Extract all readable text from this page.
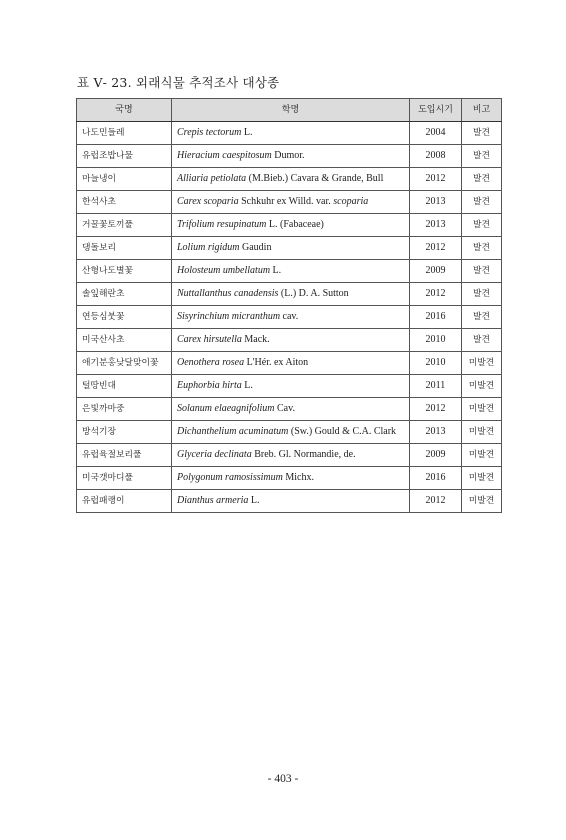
표 Ⅴ- 23. 외래식물 추적조사 대상종
국명	학명	도입시기	비고
나도민들레	Crepis tectorum L.	2004	발견
유럽조밥나물	Hieracium caespitosum Dumor.	2008	발견
마늘냉이	Alliaria petiolata (M.Bieb.) Cavara & Grande, Bull	2012	발견
한석사초	Carex scoparia Schkuhr ex Willd. var. scoparia	2013	발견
거꿀꽃토끼풀	Trifolium resupinatum L. (Fabaceae)	2013	발견
댕돌보리	Lolium rigidum Gaudin	2012	발견
산형나도별꽃	Holosteum umbellatum L.	2009	발견
솔잎해란초	Nuttallanthus canadensis (L.) D. A. Sutton	2012	발견
연등심붓꽃	Sisyrinchium micranthum cav.	2016	발견
미국산사초	Carex hirsutella Mack.	2010	발견
애기분홍낮달맞이꽃	Oenothera rosea L'Hér. ex Aiton	2010	미발견
털땅빈대	Euphorbia hirta L.	2011	미발견
은빛까마중	Solanum elaeagnifolium Cav.	2012	미발견
방석기장	Dichanthelium acuminatum (Sw.) Gould & C.A. Clark	2013	미발견
유럽육절보리풀	Glyceria declinata Breb. Gl. Normandie, de.	2009	미발견
미국갯마디풀	Polygonum ramosissimum Michx.	2016	미발견
유럽패랭이	Dianthus armeria L.	2012	미발견
- 403 -
